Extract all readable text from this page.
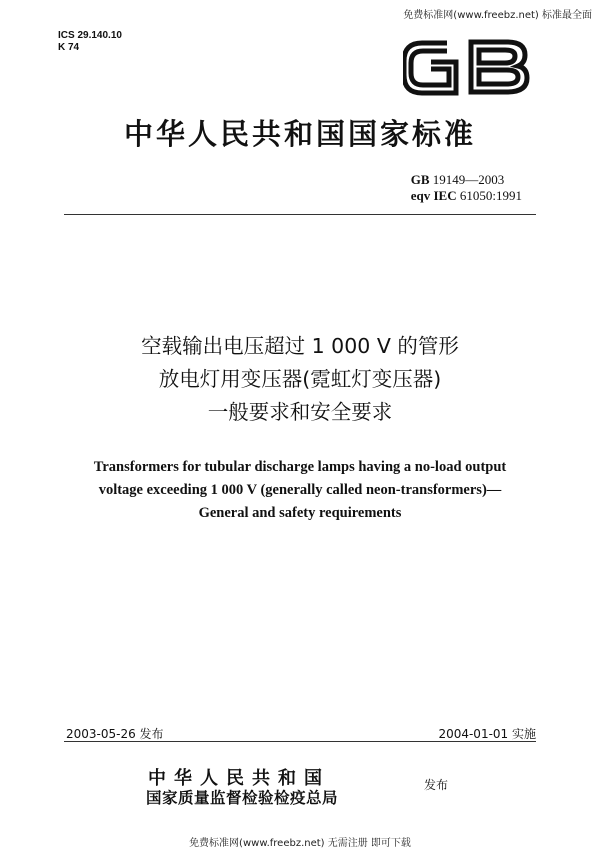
免费标准网(www.freebz.net) 标准最全面
ICS 29.140.10
K 74
中华人民共和国国家标准
GB 19149—2003
eqv IEC 61050:1991
空载输出电压超过 1 000 V 的管形
放电灯用变压器(霓虹灯变压器)
一般要求和安全要求
Transformers for tubular discharge lamps having a no-load output
voltage exceeding 1 000 V (generally called neon-transformers)—
General and safety requirements
2003-05-26 发布	2004-01-01 实施
中华人民共和国
国家质量监督检验检疫总局
发布
免费标准网(www.freebz.net) 无需注册 即可下载
